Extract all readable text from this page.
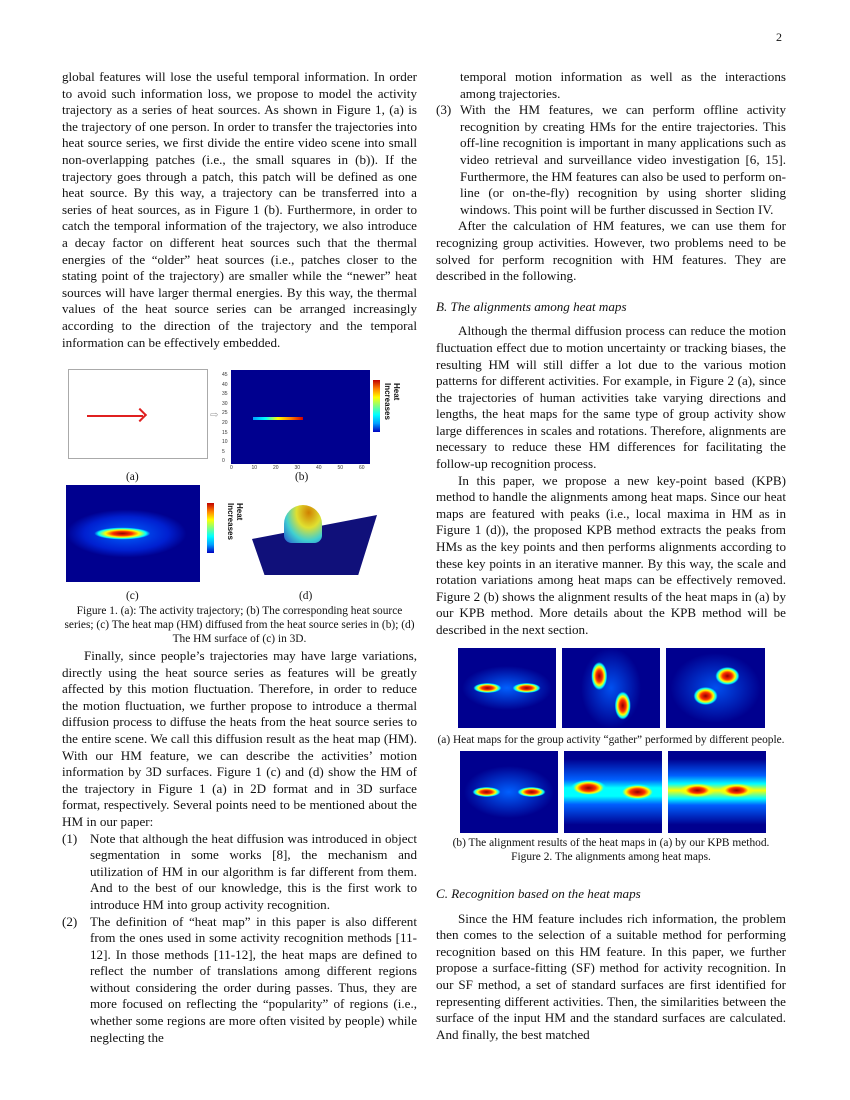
2

global features will lose the useful temporal information. In order to avoid such information loss, we propose to model the activity trajectory as a series of heat sources. As shown in Figure 1, (a) is the trajectory of one person. In order to transfer the trajectories into heat source series, we first divide the entire video scene into small non-overlapping patches (i.e., the small squares in (b)). If the trajectory goes through a patch, this patch will be defined as one heat source. By this way, a trajectory can be transferred into a series of heat sources, as in Figure 1 (b). Furthermore, in order to catch the temporal information of the trajectory, we also introduce a decay factor on different heat sources such that the thermal energies of the “older” heat sources (i.e., patches closer to the stating point of the trajectory) are smaller while the “newer” heat sources will have larger thermal energies. By this way, the thermal values of the heat source series can be arranged increasingly according to the direction of the trajectory and the temporal information can be effectively embedded.

⇨
Heat Increases
(a)	(b)
Heat Increases
(c)	(d)
Figure 1. (a): The activity trajectory; (b) The corresponding heat source series; (c) The heat map (HM) diffused from the heat source series in (b); (d) The HM surface of (c) in 3D.

Finally, since people’s trajectories may have large variations, directly using the heat source series as features will be greatly affected by this motion fluctuation. Therefore, in order to reduce the motion fluctuation, we further propose to introduce a thermal diffusion process to diffuse the heats from the heat source series to the entire scene. We call this diffusion result as the heat map (HM). With our HM feature, we can describe the activities’ motion information by 3D surfaces. Figure 1 (c) and (d) show the HM of the trajectory in Figure 1 (a) in 2D format and in 3D surface format, respectively. Several points need to be mentioned about the HM in our paper:

(1) Note that although the heat diffusion was introduced in object segmentation in some works [8], the mechanism and utilization of HM in our algorithm is far different from them. And to the best of our knowledge, this is the first work to introduce HM into group activity recognition.
(2) The definition of “heat map” in this paper is also different from the ones used in some activity recognition methods [11-12]. In those methods [11-12], the heat maps are defined to reflect the number of translations among different regions without considering the order during passes. Thus, they are more focused on reflecting the “popularity” of regions (i.e., whether some regions are more often visited by people) while neglecting the

temporal motion information as well as the interactions among trajectories.

(3) With the HM features, we can perform offline activity recognition by creating HMs for the entire trajectories. This off-line recognition is important in many applications such as video retrieval and surveillance video investigation [6, 15]. Furthermore, the HM features can also be used to perform on-line (or on-the-fly) recognition by using shorter sliding windows. This point will be further discussed in Section IV.

After the calculation of HM features, we can use them for recognizing group activities. However, two problems need to be solved for perform recognition with HM features. They are described in the following.

B. The alignments among heat maps

Although the thermal diffusion process can reduce the motion fluctuation effect due to motion uncertainty or tracking biases, the resulting HM will still differ a lot due to the various motion patterns for different activities. For example, in Figure 2 (a), since the trajectories of human activities take varying directions and lengths, the heat maps for the same type of group activity show large differences in scales and rotations. Therefore, alignments are necessary to reduce these HM differences for facilitating the follow-up recognition process.

In this paper, we propose a new key-point based (KPB) method to handle the alignments among heat maps. Since our heat maps are featured with peaks (i.e., local maxima in HM as in Figure 1 (d)), the proposed KPB method extracts the peaks from HMs as the key points and then performs alignments according to these key points in an iterative manner. By this way, the scale and rotation variations among heat maps can be effectively removed. Figure 2 (b) shows the alignment results of the heat maps in (a) by our KPB method. More details about the KPB method will be described in the next section.

(a) Heat maps for the group activity “gather” performed by different people.
(b) The alignment results of the heat maps in (a) by our KPB method.
Figure 2. The alignments among heat maps.

C. Recognition based on the heat maps

Since the HM feature includes rich information, the problem then comes to the selection of a suitable method for performing recognition based on this HM feature. In this paper, we further propose a surface-fitting (SF) method for activity recognition. In our SF method, a set of standard surfaces are first identified for representing different activities. Then, the similarities between the surface of the input HM and the standard surfaces are calculated. And finally, the best matched

45
40
35
30
25
20
15
10
5
0
0	10	20	30	40	50	60
